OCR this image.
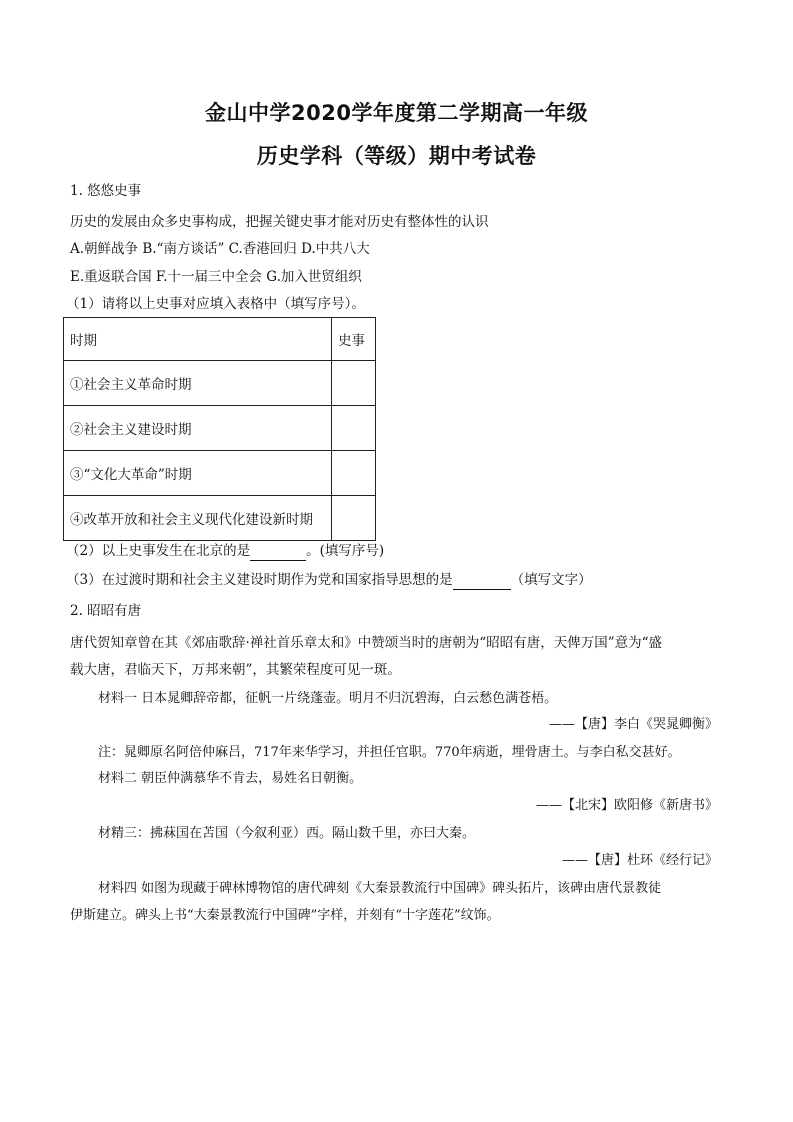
金山中学2020学年度第二学期高一年级
历史学科（等级）期中考试卷
1. 悠悠史事
历史的发展由众多史事构成，把握关键史事才能对历史有整体性的认识
A.朝鲜战争 B.“南方谈话” C.香港回归 D.中共八大
E.重返联合国 F.十一届三中全会 G.加入世贸组织
（1）请将以上史事对应填入表格中（填写序号）。
时期	史事
①社会主义革命时期	
②社会主义建设时期	
③“文化大革命”时期	
④改革开放和社会主义现代化建设新时期	
（2）以上史事发生在北京的是	。(填写序号)
（3）在过渡时期和社会主义建设时期作为党和国家指导思想的是	（填写文字）
2. 昭昭有唐
唐代贺知章曾在其《郊庙歌辞·禅社首乐章太和》中赞颂当时的唐朝为“昭昭有唐，天俾万国”意为“盛
载大唐，君临天下，万邦来朝”，其繁荣程度可见一斑。
材料一 日本晁卿辞帝都，征帆一片绕蓬壶。明月不归沉碧海，白云愁色满苍梧。
——【唐】李白《哭晁卿衡》
注：晁卿原名阿倍仲麻吕，717年来华学习，并担任官职。770年病逝，埋骨唐土。与李白私交甚好。
材料二 朝臣仲满慕华不肯去，易姓名日朝衡。
——【北宋】欧阳修《新唐书》
材精三：拂菻国在苫国（今叙利亚）西。隔山数千里，亦曰大秦。
——【唐】杜环《经行记》
材料四 如图为现藏于碑林博物馆的唐代碑刻《大秦景教流行中国碑》碑头拓片，该碑由唐代景教徒
伊斯建立。碑头上书“大秦景教流行中国碑”字样，并刻有“十字莲花”纹饰。
